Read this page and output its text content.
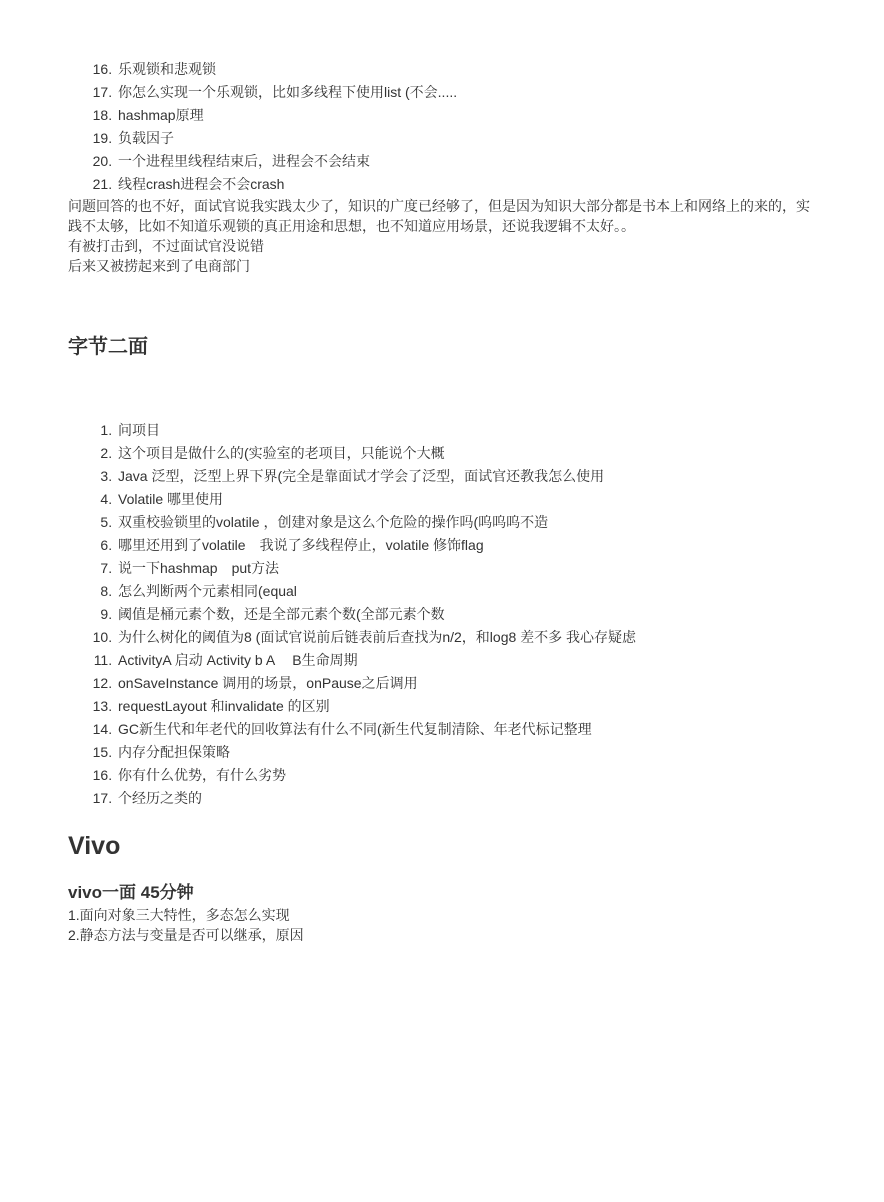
16. 乐观锁和悲观锁
17. 你怎么实现一个乐观锁，比如多线程下使用list (不会.....
18. hashmap原理
19. 负载因子
20. 一个进程里线程结束后，进程会不会结束
21. 线程crash进程会不会crash

问题回答的也不好，面试官说我实践太少了，知识的广度已经够了，但是因为知识大部分都是书本上和网络上的来的，实践不太够，比如不知道乐观锁的真正用途和思想，也不知道应用场景，还说我逻辑不太好。。

有被打击到，不过面试官没说错

后来又被捞起来到了电商部门

字节二面
1. 问项目
2. 这个项目是做什么的(实验室的老项目，只能说个大概
3. Java 泛型，泛型上界下界(完全是靠面试才学会了泛型，面试官还教我怎么使用
4. Volatile 哪里使用
5. 双重校验锁里的volatile ，创建对象是这么个危险的操作吗(呜呜呜不造
6. 哪里还用到了volatile　我说了多线程停止，volatile 修饰flag
7. 说一下hashmap　put方法
8. 怎么判断两个元素相同(equal
9. 阈值是桶元素个数，还是全部元素个数(全部元素个数
10. 为什么树化的阈值为8 (面试官说前后链表前后查找为n/2，和log8 差不多 我心存疑虑
11. ActivityA 启动 Activity b A　 B生命周期
12. onSaveInstance 调用的场景，onPause之后调用
13. requestLayout 和invalidate 的区别
14. GC新生代和年老代的回收算法有什么不同(新生代复制清除、年老代标记整理
15. 内存分配担保策略
16. 你有什么优势，有什么劣势
17. 个经历之类的
Vivo
vivo一面 45分钟

1.面向对象三大特性，多态怎么实现

2.静态方法与变量是否可以继承，原因
